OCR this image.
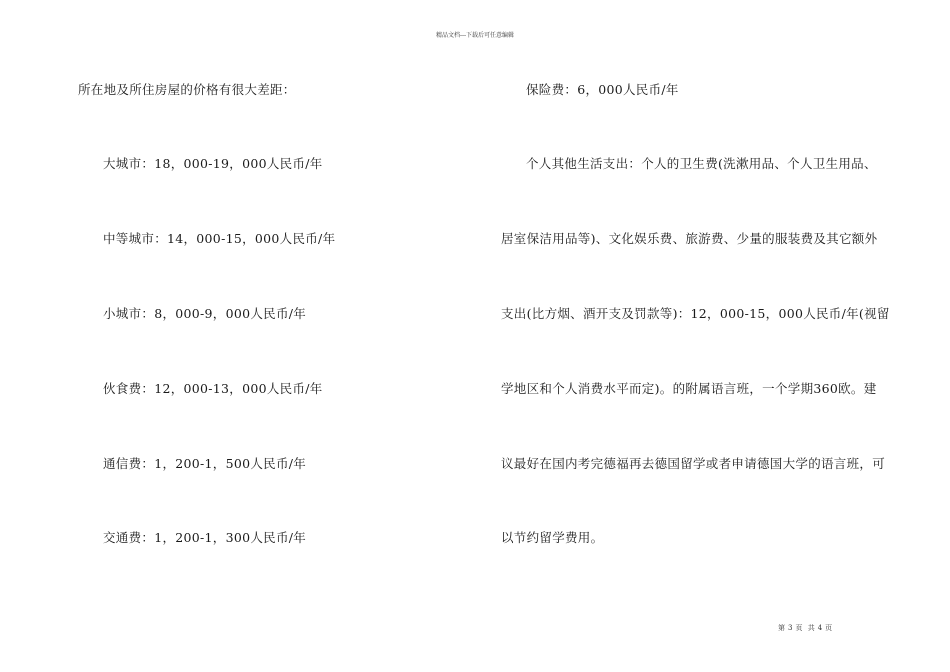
精品文档---下载后可任意编辑
所在地及所住房屋的价格有很大差距：
大城市：18，000-19，000人民币/年
中等城市：14，000-15，000人民币/年
小城市：8，000-9，000人民币/年
伙食费：12，000-13，000人民币/年
通信费：1，200-1，500人民币/年
交通费：1，200-1，300人民币/年
保险费：6，000人民币/年
个人其他生活支出：个人的卫生费(洗漱用品、个人卫生用品、
居室保洁用品等)、文化娱乐费、旅游费、少量的服装费及其它额外
支出(比方烟、酒开支及罚款等)：12，000-15，000人民币/年(视留
学地区和个人消费水平而定)。的附属语言班，一个学期360欧。建
议最好在国内考完德福再去德国留学或者申请德国大学的语言班，可
以节约留学费用。
第 3 页 共 4 页
